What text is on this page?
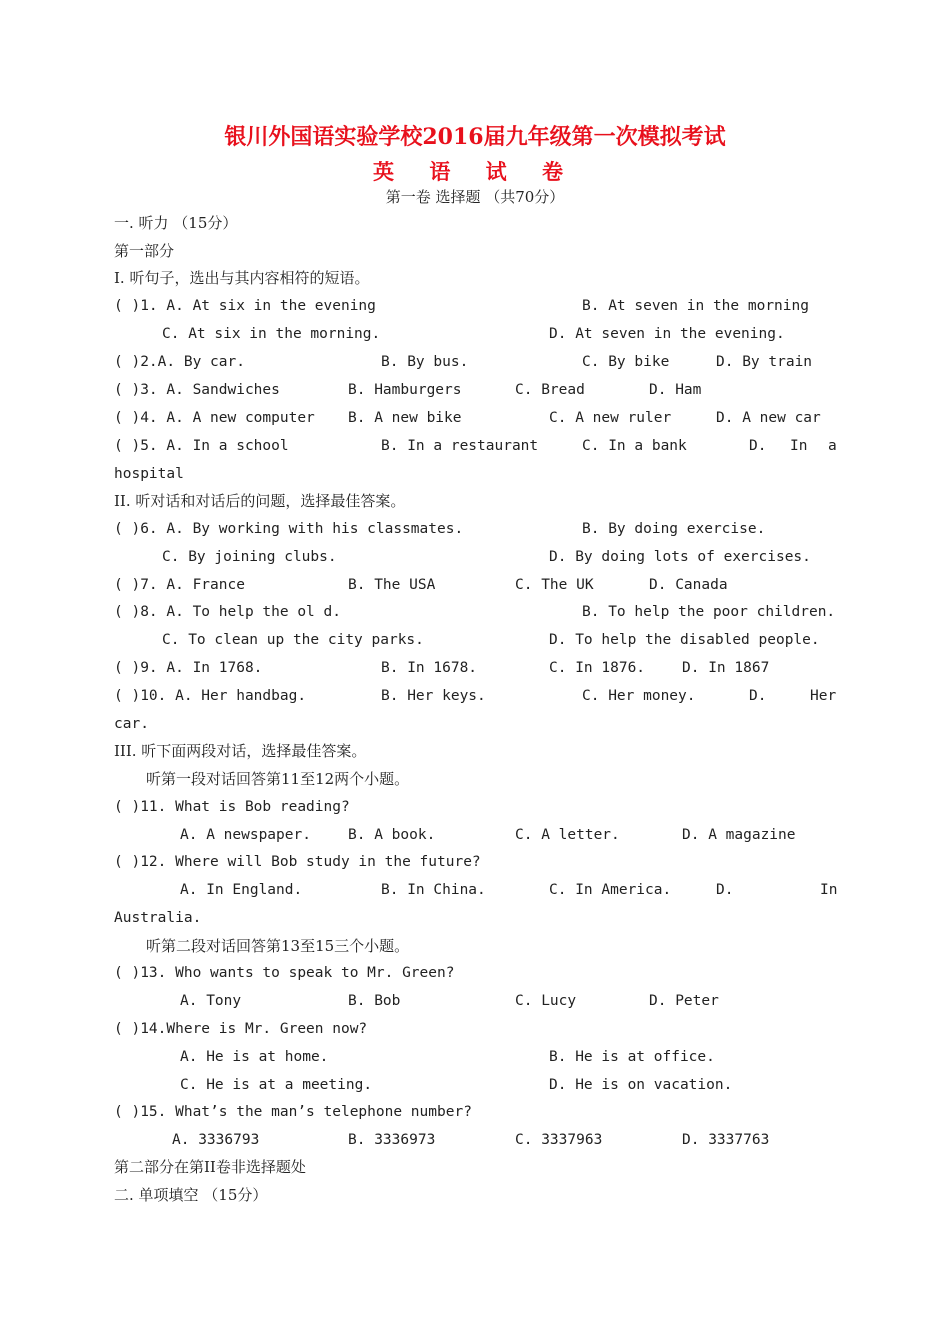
银川外国语实验学校2016届九年级第一次模拟考试
英 语 试 卷
第一卷 选择题 （共70分）
一. 听力 （15分）
第一部分
I. 听句子，选出与其内容相符的短语。
( )1. A. At six in the evening	B. At seven in the morning
C. At six in the morning.	D. At seven in the evening.
( )2.A. By car.	B. By bus.	C. By bike	D. By train
( )3. A. Sandwiches	B. Hamburgers	C. Bread	D. Ham
( )4. A. A new computer B. A new bike	C. A new ruler	D. A new car
( )5. A. In a school	B. In a restaurant	C. In a bank	D. In a
hospital
II. 听对话和对话后的问题，选择最佳答案。
( )6. A. By working with his classmates.	B. By doing exercise.
C. By joining clubs.	D. By doing lots of exercises.
( )7. A. France	B. The USA	C. The UK	D. Canada
( )8. A. To help the ol d.	B. To help the poor children.
C. To clean up the city parks.	D. To help the disabled people.
( )9. A. In 1768.	B. In 1678.	C. In 1876.	D. In 1867
( )10. A. Her handbag.	B. Her keys.	C. Her money.	D.	Her
car.
III. 听下面两段对话，选择最佳答案。
听第一段对话回答第11至12两个小题。
( )11. What is Bob reading?
A. A newspaper.	B. A book.	C. A letter.	D. A magazine
( )12. Where will Bob study in the future?
A. In England.	B. In China.	C. In America.	D.	In
Australia.
听第二段对话回答第13至15三个小题。
( )13. Who wants to speak to Mr. Green?
A. Tony	B. Bob	C. Lucy	D. Peter
( )14.Where is Mr. Green now?
A. He is at home.	B. He is at office.
C. He is at a meeting.	D. He is on vacation.
( )15. What’s the man’s telephone number?
A. 3336793	B. 3336973	C. 3337963	D. 3337763
第二部分在第II卷非选择题处
二. 单项填空 （15分）
